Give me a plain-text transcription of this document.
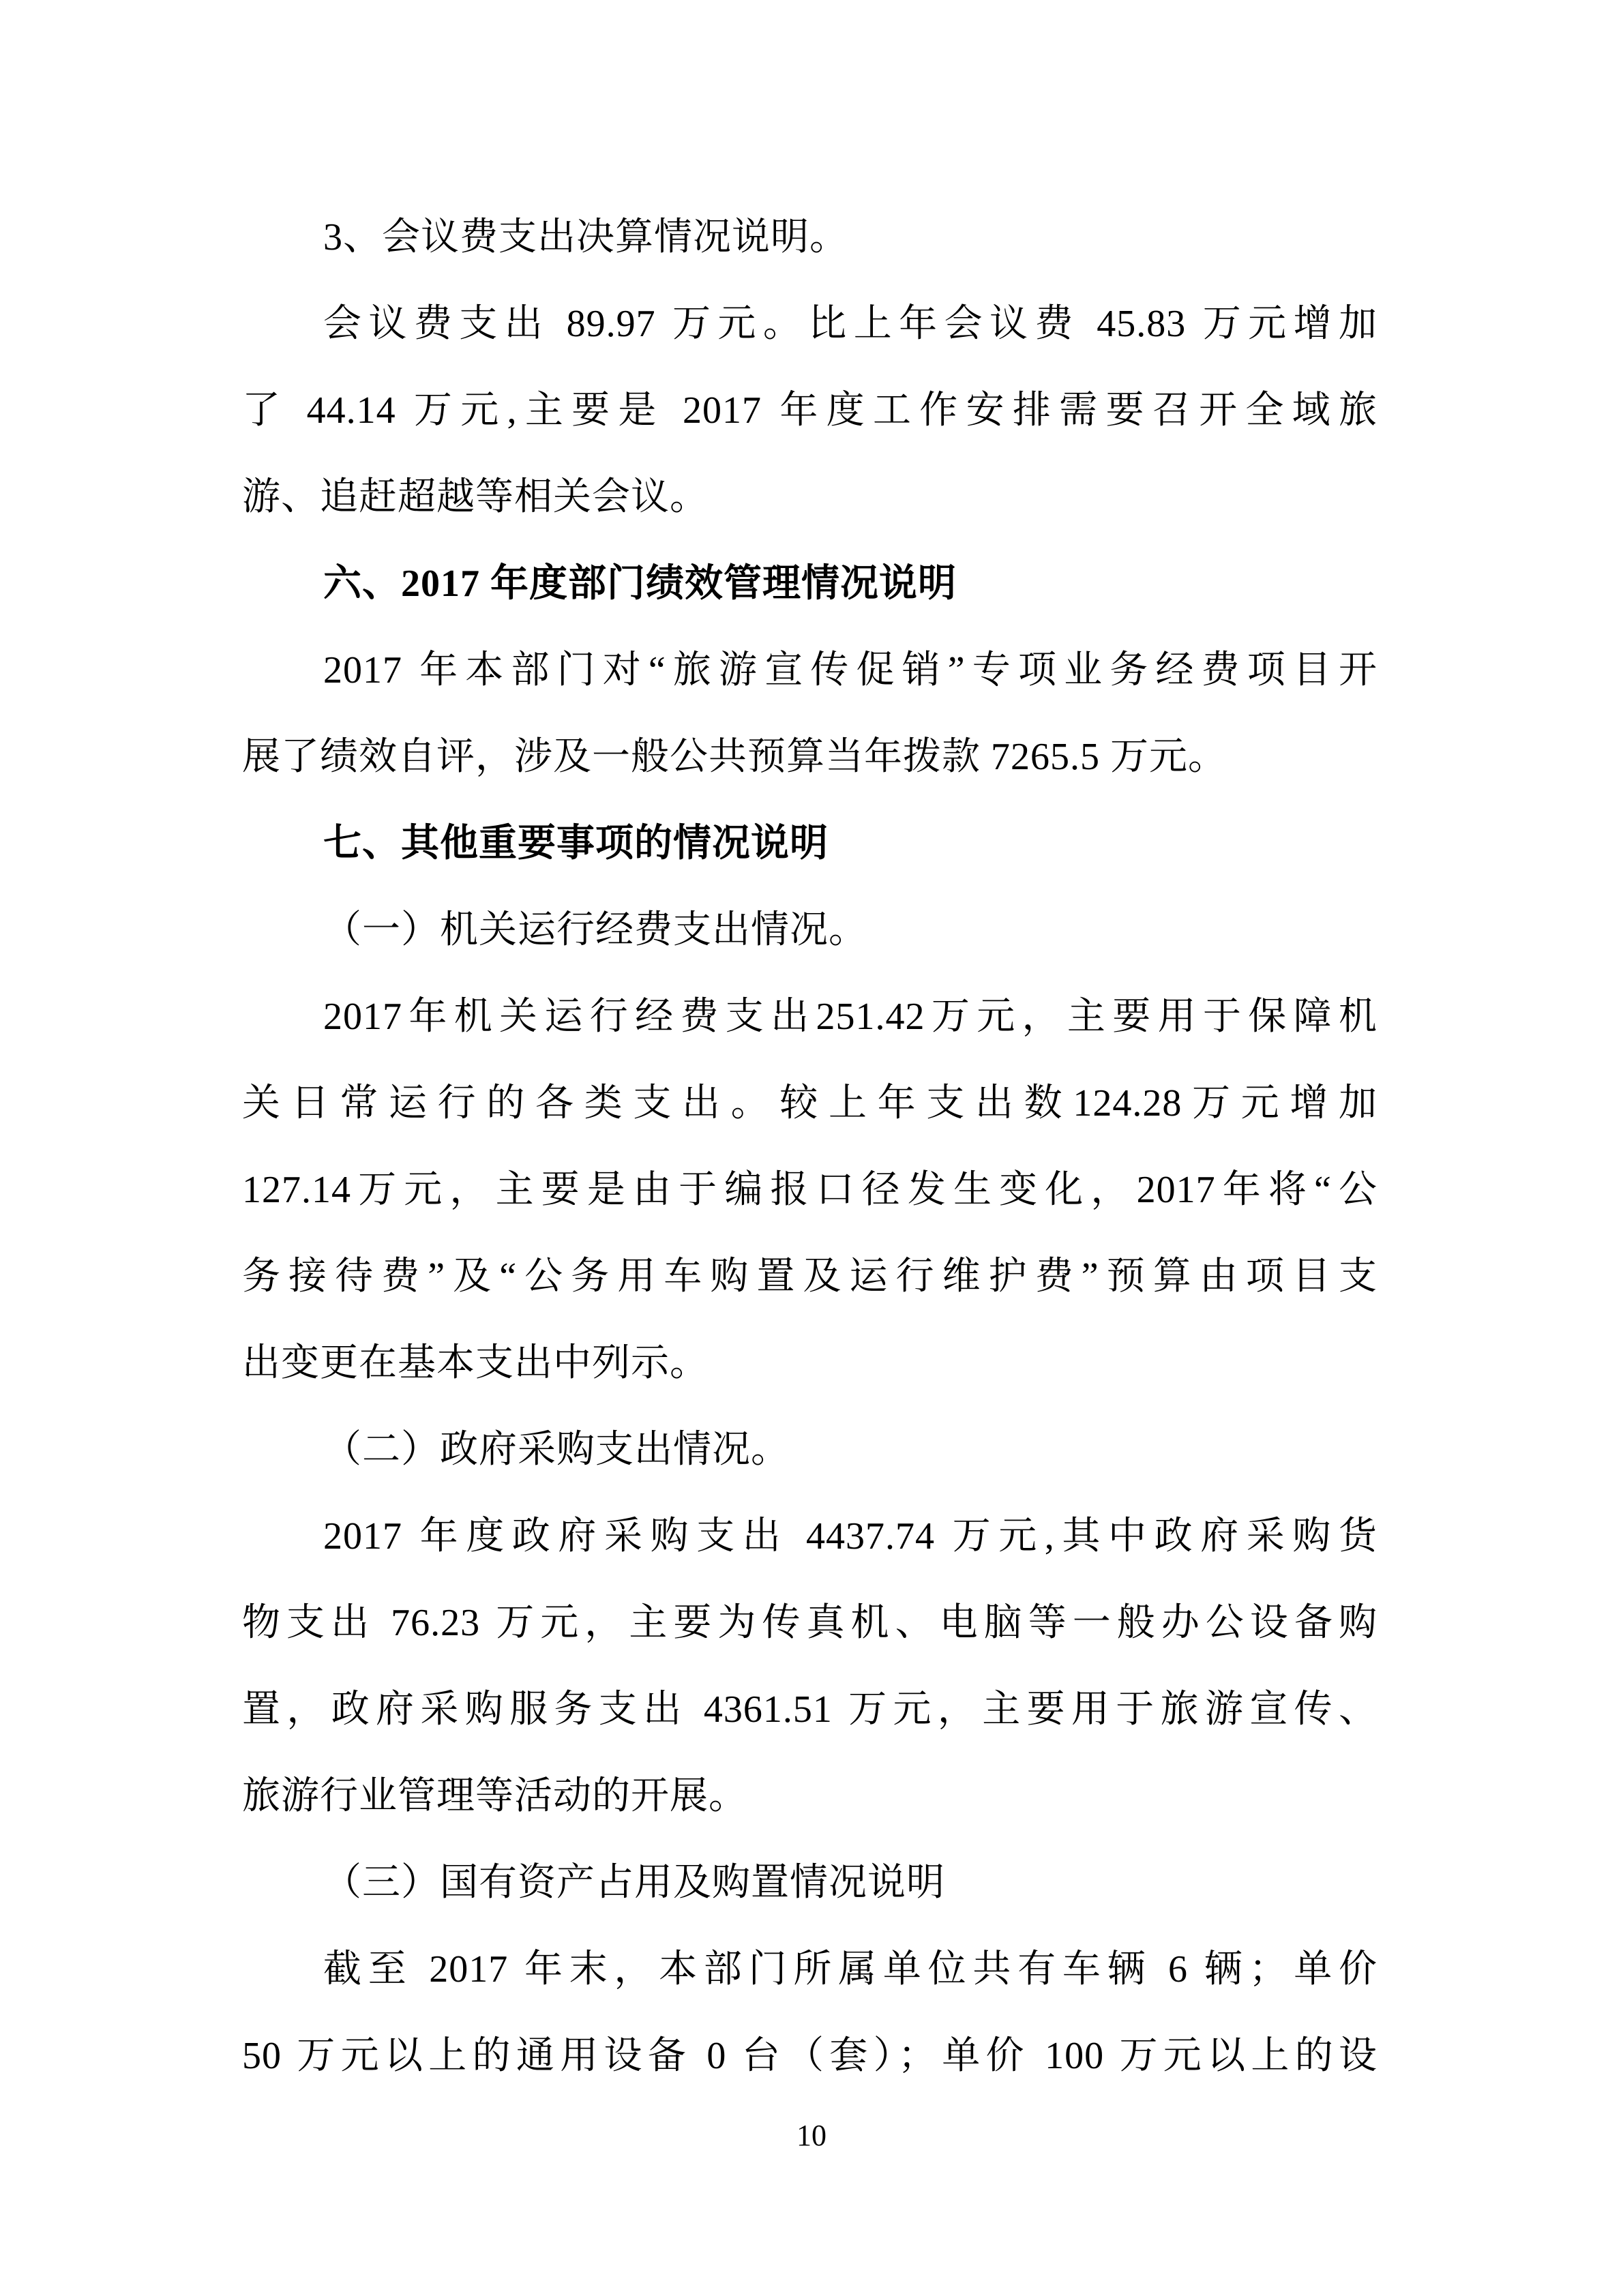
3、会议费支出决算情况说明。
会议费支出 89.97 万元。比上年会议费 45.83 万元增加
了 44.14 万元,主要是 2017 年度工作安排需要召开全域旅
游、追赶超越等相关会议。
六、2017 年度部门绩效管理情况说明
2017 年本部门对“旅游宣传促销”专项业务经费项目开
展了绩效自评，涉及一般公共预算当年拨款 7265.5 万元。
七、其他重要事项的情况说明
（一）机关运行经费支出情况。
2017年机关运行经费支出251.42万元，主要用于保障机
关日常运行的各类支出。较上年支出数124.28万元增加
127.14万元，主要是由于编报口径发生变化，2017年将“公
务接待费”及“公务用车购置及运行维护费”预算由项目支
出变更在基本支出中列示。
（二）政府采购支出情况。
2017 年度政府采购支出 4437.74 万元,其中政府采购货
物支出 76.23 万元，主要为传真机、电脑等一般办公设备购
置，政府采购服务支出 4361.51 万元，主要用于旅游宣传、
旅游行业管理等活动的开展。
（三）国有资产占用及购置情况说明
截至 2017 年末，本部门所属单位共有车辆 6 辆；单价
50 万元以上的通用设备 0 台（套）；单价 100 万元以上的设
10
